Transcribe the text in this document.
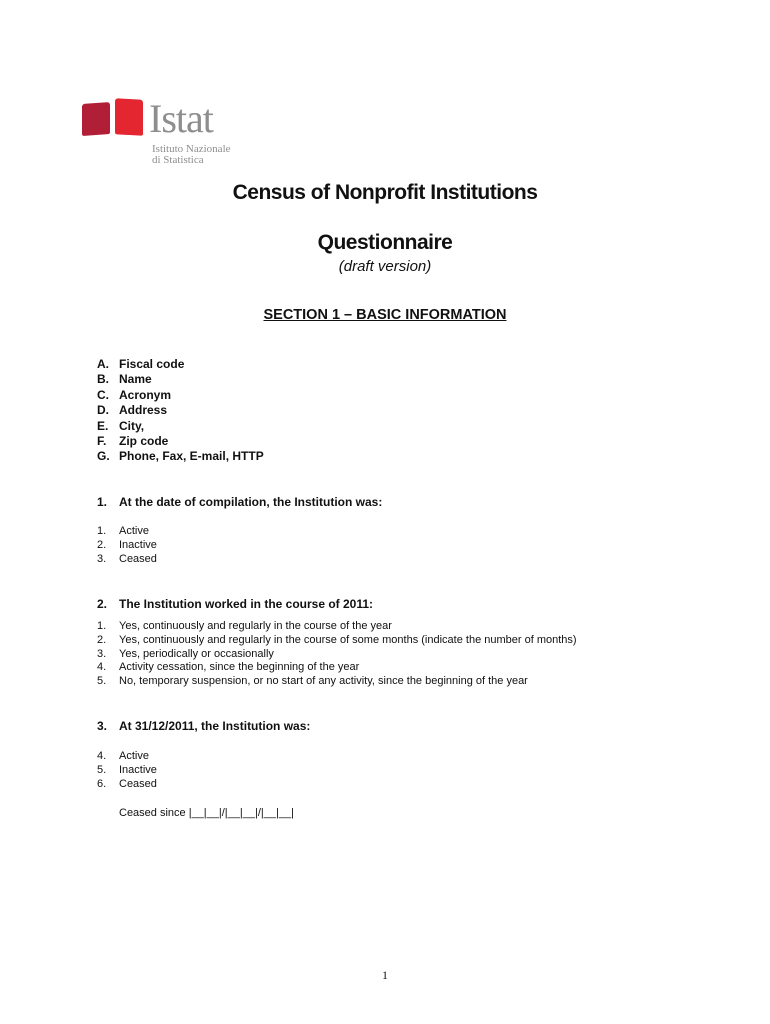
Istat
Istituto Nazionale
di Statistica
Census of Nonprofit Institutions
Questionnaire
(draft version)
SECTION 1 – BASIC INFORMATION
A. Fiscal code
B. Name
C. Acronym
D. Address
E. City,
F.	Zip code
G. Phone, Fax, E-mail, HTTP
1. At the date of compilation, the Institution was:
1.	Active
2.	Inactive
3.	Ceased
2. The Institution worked in the course of 2011:
1.	Yes, continuously and regularly in the course of the year
2.	Yes, continuously and regularly in the course of some months (indicate the number of months)
3.	Yes, periodically or occasionally
4.	Activity cessation, since the beginning of the year
5.	No, temporary suspension, or no start of any activity, since the beginning of the year
3. At 31/12/2011, the Institution was:
4.	Active
5.	Inactive
6.	Ceased
Ceased since |__|__|/|__|__|/|__|__|
1
